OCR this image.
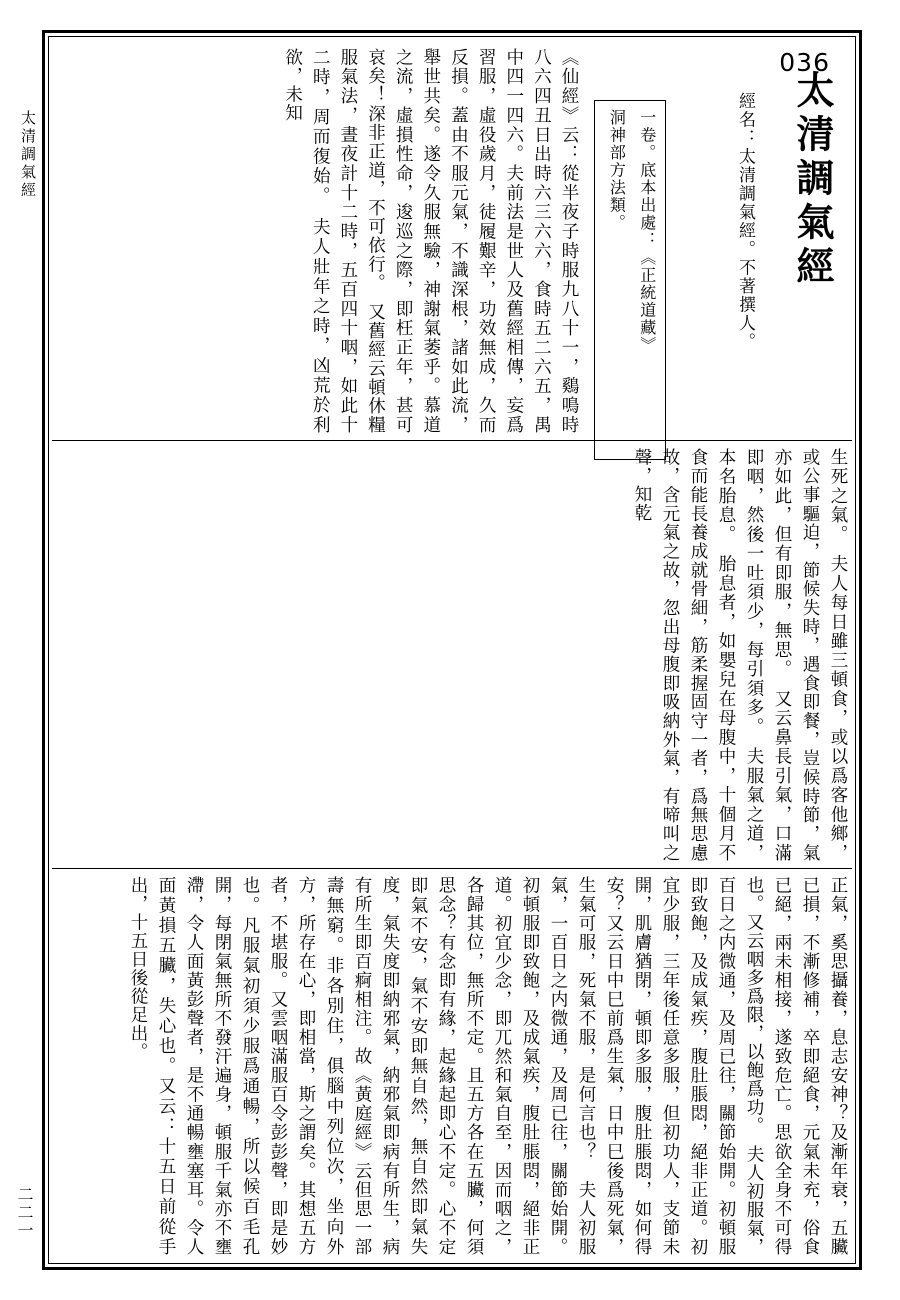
太清調氣經
二二一
036
太清調氣經
經名：太清調氣經。不著撰人。
一卷。底本出處：《正統道藏》
洞神部方法類。
《仙經》云：從半夜子時服九八十一，鷄鳴時八六四丑日出時六三六六，食時五二六五，禺中四一四六。夫前法是世人及舊經相傳，妄爲習服，虛役歲月，徒履艱辛，功效無成，久而反損。蓋由不服元氣，不識深根，諸如此流，舉世共矣。遂令久服無驗，神謝氣萎乎。慕道之流，虛損性命，逡巡之際，即枉正年，甚可哀矣！深非正道，不可依行。　又舊經云頓休糧服氣法，晝夜計十二時，五百四十咽，如此十二時，周而復始。　夫人壯年之時，凶荒於利欲，未知
生死之氣。　夫人每日雖三頓食，或以爲客他鄉，或公事驅迫，節候失時，遇食即餐，豈候時節，氣亦如此，但有即服，無思。　又云鼻長引氣，口滿即咽，然後一吐須少，每引須多。　夫服氣之道，本名胎息。　胎息者，如嬰兒在母腹中，十個月不食而能長養成就骨細，筋柔握固守一者，爲無思慮故，含元氣之故，忽出母腹即吸納外氣，有啼叫之聲，知乾
正氣，奚思攝養，息志安神？及漸年衰，五臟已損，不漸修補，卒即絕食，元氣未充，俗食已絕，兩未相接，遂致危亡。思欲全身不可得也。又云咽多爲限，以飽爲功。　夫人初服氣，百日之内微通，及周已往，關節始開。初頓服即致飽，及成氣疾，腹肚脹悶，絕非正道。初宜少服，三年後任意多服，但初功人，支節未開，肌膚猶閉，頓即多服，腹肚脹悶，如何得安？又云日中巳前爲生氣，日中巳後爲死氣，生氣可服，死氣不服，是何言也？　夫人初服氣，一百日之内微通，及周已往，關節始開。初頓服即致飽，及成氣疾，腹肚脹悶，絕非正道。初宜少念，即兀然和氣自至，因而咽之，各歸其位，無所不定。且五方各在五臟，何須思念？有念即有緣，起緣起即心不定。心不定即氣不安，氣不安即無自然，無自然即氣失度，氣失度即納邪氣，納邪氣即病有所生，病有所生即百痾相注。故《黃庭經》云但思一部壽無窮。非各別住，俱腦中列位次，坐向外方，所存在心，即相當，斯之謂矣。其想五方者，不堪服。又雲咽滿服百令彭彭聲，即是妙也。凡服氣初須少服爲通暢，所以候百毛孔開，每閉氣無所不發汗遍身，頓服千氣亦不壅滯，令人面黃彭聲者，是不通暢壅塞耳。令人面黃損五臟，失心也。又云：十五日前從手出，十五日後從足出。
